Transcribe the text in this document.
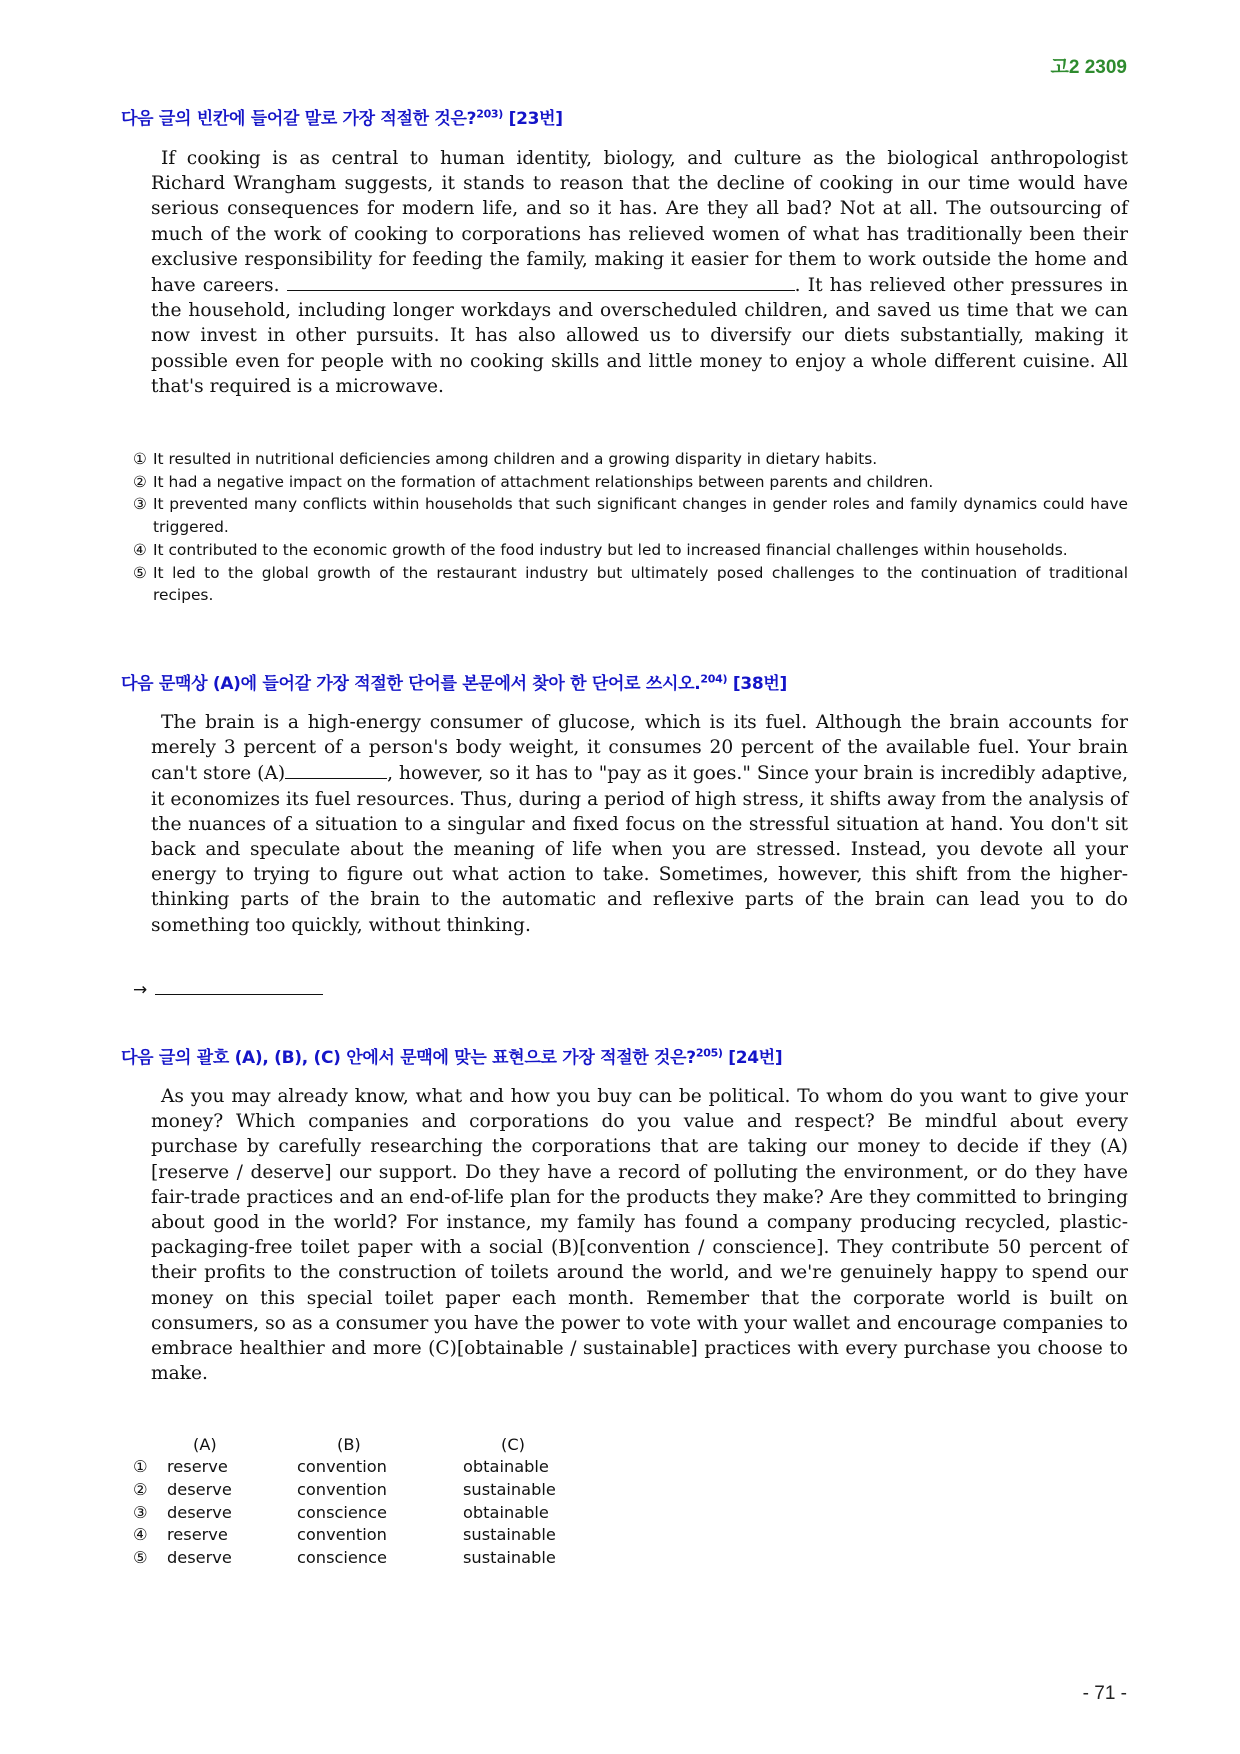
고2 2309
다음 글의 빈칸에 들어갈 말로 가장 적절한 것은?$^{203)}$ [23번]

If cooking is as central to human identity, biology, and culture as the biological anthropologist Richard Wrangham suggests, it stands to reason that the decline of cooking in our time would have serious consequences for modern life, and so it has. Are they all bad? Not at all. The outsourcing of much of the work of cooking to corporations has relieved women of what has traditionally been their exclusive responsibility for feeding the family, making it easier for them to work outside the home and have careers.	. It has relieved other pressures in the household, including longer workdays and overscheduled children, and saved us time that we can now invest in other pursuits. It has also allowed us to diversify our diets substantially, making it possible even for people with no cooking skills and little money to enjoy a whole different cuisine. All that's required is a microwave.

① It resulted in nutritional deficiencies among children and a growing disparity in dietary habits.
② It had a negative impact on the formation of attachment relationships between parents and children.
③ It prevented many conflicts within households that such significant changes in gender roles and family dynamics could have triggered.
④ It contributed to the economic growth of the food industry but led to increased financial challenges within households.
⑤ It led to the global growth of the restaurant industry but ultimately posed challenges to the continuation of traditional recipes.
다음 문맥상 (A)에 들어갈 가장 적절한 단어를 본문에서 찾아 한 단어로 쓰시오.$^{204)}$ [38번]

The brain is a high-energy consumer of glucose, which is its fuel. Although the brain accounts for merely 3 percent of a person's body weight, it consumes 20 percent of the available fuel. Your brain can't store (A)	, however, so it has to "pay as it goes." Since your brain is incredibly adaptive, it economizes its fuel resources. Thus, during a period of high stress, it shifts away from the analysis of the nuances of a situation to a singular and fixed focus on the stressful situation at hand. You don't sit back and speculate about the meaning of life when you are stressed. Instead, you devote all your energy to trying to figure out what action to take. Sometimes, however, this shift from the higher-thinking parts of the brain to the automatic and reflexive parts of the brain can lead you to do something too quickly, without thinking.

→
다음 글의 괄호 (A), (B), (C) 안에서 문맥에 맞는 표현으로 가장 적절한 것은?$^{205)}$ [24번]

As you may already know, what and how you buy can be political. To whom do you want to give your money? Which companies and corporations do you value and respect? Be mindful about every purchase by carefully researching the corporations that are taking our money to decide if they (A)[reserve / deserve] our support. Do they have a record of polluting the environment, or do they have fair-trade practices and an end-of-life plan for the products they make? Are they committed to bringing about good in the world? For instance, my family has found a company producing recycled, plastic-packaging-free toilet paper with a social (B)[convention / conscience]. They contribute 50 percent of their profits to the construction of toilets around the world, and we're genuinely happy to spend our money on this special toilet paper each month. Remember that the corporate world is built on consumers, so as a consumer you have the power to vote with your wallet and encourage companies to embrace healthier and more (C)[obtainable / sustainable] practices with every purchase you choose to make.

	(A)	(B)	(C)
①	reserve	convention	obtainable
②	deserve	convention	sustainable
③	deserve	conscience	obtainable
④	reserve	convention	sustainable
⑤	deserve	conscience	sustainable
- 71 -
